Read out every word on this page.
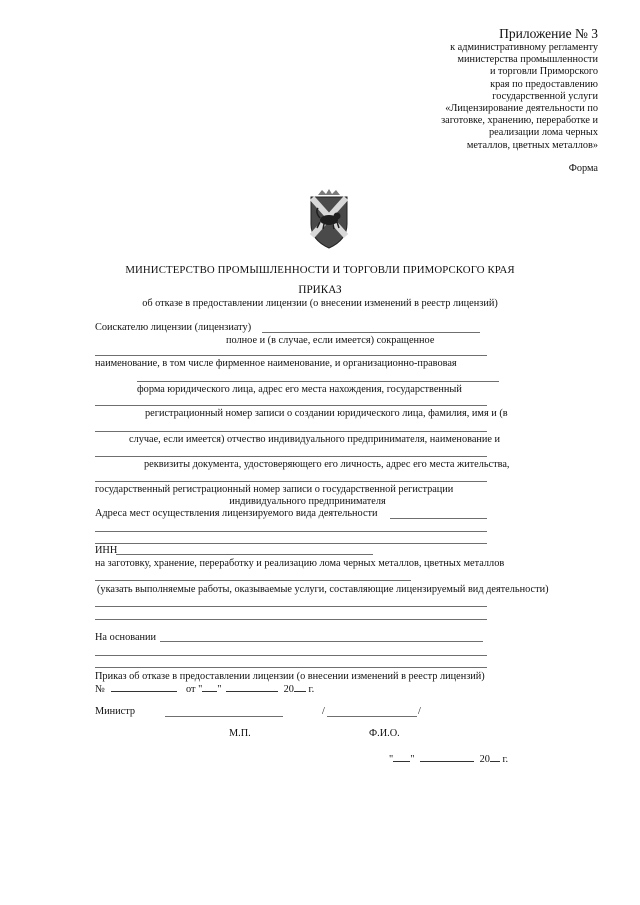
Приложение № 3
к административному регламенту
министерства промышленности
и торговли Приморского
края по предоставлению
государственной услуги
«Лицензирование деятельности по
заготовке, хранению, переработке и
реализации лома черных
металлов, цветных металлов»
Форма
МИНИСТЕРСТВО ПРОМЫШЛЕННОСТИ И ТОРГОВЛИ ПРИМОРСКОГО КРАЯ
ПРИКАЗ
об отказе в предоставлении лицензии (о внесении изменений в реестр лицензий)
Соискателю лицензии (лицензиату)
полное и (в случае, если имеется) сокращенное
наименование, в том числе фирменное наименование, и организационно-правовая
форма юридического лица, адрес его места нахождения, государственный
регистрационный номер записи о создании юридического лица, фамилия, имя и (в
случае, если имеется) отчество индивидуального предпринимателя, наименование и
реквизиты документа, удостоверяющего его личность, адрес его места жительства,
государственный регистрационный номер записи о государственной регистрации
индивидуального предпринимателя
Адреса мест осуществления лицензируемого вида деятельности
ИНН
на заготовку, хранение, переработку и реализацию лома черных металлов, цветных металлов
(указать выполняемые работы, оказываемые услуги, составляющие лицензируемый вид деятельности)
На основании
Приказ об отказе в предоставлении лицензии (о внесении изменений в реестр лицензий)
№	от " "	20 г.
Министр	/	/
М.П.	Ф.И.О.
" "	20 г.
